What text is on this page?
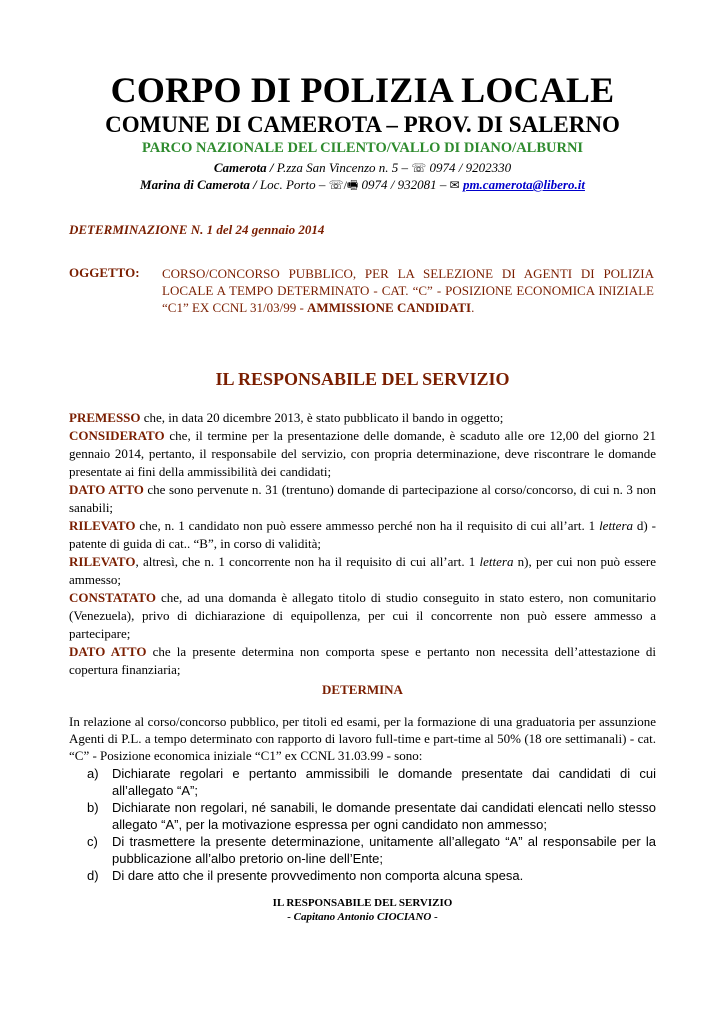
CORPO DI POLIZIA LOCALE
COMUNE DI CAMEROTA – PROV. DI SALERNO
PARCO NAZIONALE DEL CILENTO/VALLO DI DIANO/ALBURNI
Camerota / P.zza San Vincenzo n. 5 – ☏ 0974 / 9202330
Marina di Camerota / Loc. Porto – ☏/🖷 0974 / 932081 – ✉ pm.camerota@libero.it
DETERMINAZIONE N. 1 del 24 gennaio 2014
OGGETTO: CORSO/CONCORSO PUBBLICO, PER LA SELEZIONE DI AGENTI DI POLIZIA LOCALE A TEMPO DETERMINATO - CAT. “C” - POSIZIONE ECONOMICA INIZIALE “C1” EX CCNL 31/03/99 - AMMISSIONE CANDIDATI.
IL RESPONSABILE DEL SERVIZIO

PREMESSO che, in data 20 dicembre 2013, è stato pubblicato il bando in oggetto;

CONSIDERATO che, il termine per la presentazione delle domande, è scaduto alle ore 12,00 del giorno 21 gennaio 2014, pertanto, il responsabile del servizio, con propria determinazione, deve riscontrare le domande presentate ai fini della ammissibilità dei candidati;

DATO ATTO che sono pervenute n. 31 (trentuno) domande di partecipazione al corso/concorso, di cui n. 3 non sanabili;

RILEVATO che, n. 1 candidato non può essere ammesso perché non ha il requisito di cui all’art. 1 lettera d) - patente di guida di cat.. “B”, in corso di validità;

RILEVATO, altresì, che n. 1 concorrente non ha il requisito di cui all’art. 1 lettera n), per cui non può essere ammesso;

CONSTATATO che, ad una domanda è allegato titolo di studio conseguito in stato estero, non comunitario (Venezuela), privo di dichiarazione di equipollenza, per cui il concorrente non può essere ammesso a partecipare;

DATO ATTO che la presente determina non comporta spese e pertanto non necessita dell’attestazione di copertura finanziaria;

DETERMINA
In relazione al corso/concorso pubblico, per titoli ed esami, per la formazione di una graduatoria per assunzione Agenti di P.L. a tempo determinato con rapporto di lavoro full-time e part-time al 50% (18 ore settimanali) - cat. “C” - Posizione economica iniziale “C1” ex CCNL 31.03.99 - sono:
a) Dichiarate regolari e pertanto ammissibili le domande presentate dai candidati di cui all’allegato “A”;
b) Dichiarate non regolari, né sanabili, le domande presentate dai candidati elencati nello stesso allegato “A”, per la motivazione espressa per ogni candidato non ammesso;
c) Di trasmettere la presente determinazione, unitamente all’allegato “A” al responsabile per la pubblicazione all’albo pretorio on-line dell’Ente;
d) Di dare atto che il presente provvedimento non comporta alcuna spesa.
IL RESPONSABILE DEL SERVIZIO
- Capitano Antonio CIOCIANO -
